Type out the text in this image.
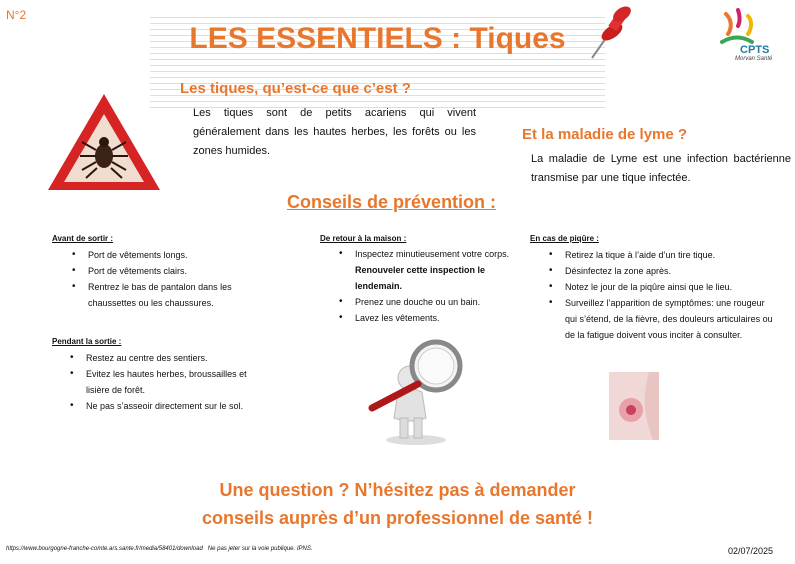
N°2
LES ESSENTIELS : Tiques	CPTS
Morvan Santé
Les tiques, qu’est-ce que c’est ?
Les tiques sont de petits acariens qui vivent généralement dans les hautes herbes, les forêts ou les zones humides.
Et la maladie de lyme ?
La maladie de Lyme est une infection bactérienne transmise par une tique infectée.
Conseils de prévention :
Avant de sortir :
• Port de vêtements longs.
• Port de vêtements clairs.
• Rentrez le bas de pantalon dans les chaussettes ou les chaussures.
Pendant la sortie :
• Restez au centre des sentiers.
• Evitez les hautes herbes, broussailles et lisière de forêt.
• Ne pas s’asseoir directement sur le sol.
De retour à la maison :
• Inspectez minutieusement votre corps. Renouveler cette inspection le lendemain.
• Prenez une douche ou un bain.
• Lavez les vêtements.
En cas de piqûre :
• Retirez la tique à l’aide d’un tire tique.
• Désinfectez la zone après.
• Notez le jour de la piqûre ainsi que le lieu.
• Surveillez l’apparition de symptômes: une rougeur qui s’étend, de la fièvre, des douleurs articulaires ou de la fatigue doivent vous inciter à consulter.
Une question ? N’hésitez pas à demander
conseils auprès d’un professionnel de santé !
https://www.bourgogne-franche-comte.ars.sante.fr/media/58401/download Ne pas jeter sur la voie publique. IPNS.	02/07/2025
